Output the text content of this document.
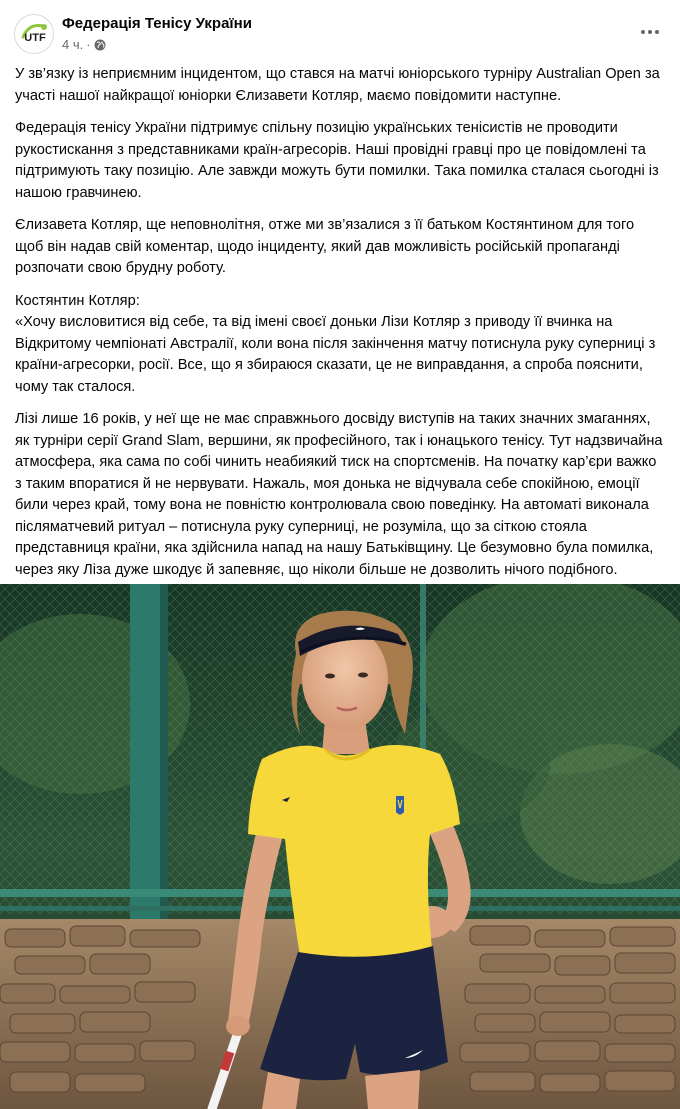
UTF
Федерація Тенісу України
4 ч. ·

У зв’язку із неприємним інцидентом, що стався на матчі юніорського турніру Australian Open за участі нашої найкращої юніорки Єлизавети Котляр, маємо повідомити наступне.

Федерація тенісу України підтримує спільну позицію українських тенісистів не проводити рукостискання з представниками країн-агресорів. Наші провідні гравці про це повідомлені та підтримують таку позицію. Але завжди можуть бути помилки. Така помилка сталася сьогодні із нашою гравчинею.

Єлизавета Котляр, ще неповнолітня, отже ми зв’язалися з її батьком Костянтином для того щоб він надав свій коментар, щодо інциденту, який дав можливість російській пропаганді розпочати свою брудну роботу.

Костянтин Котляр:
«Хочу висловитися від себе, та від імені своєї доньки Лізи Котляр з приводу її вчинка на Відкритому чемпіонаті Австралії, коли вона після закінчення матчу потиснула руку суперниці з країни-агресорки, росії. Все, що я збираюся сказати, це не виправдання, а спроба пояснити, чому так сталося.

Лізі лише 16 років, у неї ще не має справжнього досвіду виступів на таких значних змаганнях, як турніри серії Grand Slam, вершини, як професійного, так і юнацького тенісу. Тут надзвичайна атмосфера, яка сама по собі чинить неабиякий тиск на спортсменів. На початку кар’єри важко з таким впоратися й не нервувати. Нажаль, моя донька не відчувала себе спокійною, емоції били через край, тому вона не повністю контролювала свою поведінку. На автоматі виконала післяматчевий ритуал – потиснула руку суперниці, не розуміла, що за сіткою стояла представниця країни, яка здійснила напад на нашу Батьківщину. Це безумовно була помилка, через яку Ліза дуже шкодує й запевняє, що ніколи більше не дозволить нічого подібного.
